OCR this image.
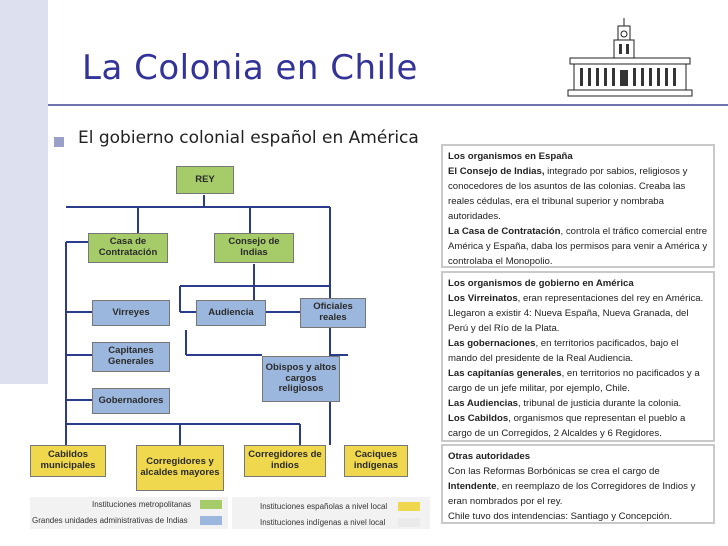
La Colonia en Chile
El gobierno colonial español en América
REY
Casa de Contratación
Consejo de Indias
Virreyes	Audiencia	Oficiales reales
Capitanes Generales
Obispos y altos cargos religiosos
Gobernadores
Cabildos municipales	Corregidores y alcaldes mayores
Corregidores de indios
Caciques indígenas
Instituciones metropolitanas
Grandes unidades administrativas de Indias
Instituciones españolas a nivel local
Instituciones indígenas a nivel local
Los organismos en España
El Consejo de Indias, integrado por sabios, religiosos y conocedores de los asuntos de las colonias. Creaba las reales cédulas, era el tribunal superior y nombraba autoridades.
La Casa de Contratación, controla el tráfico comercial entre América y España, daba los permisos para venir a América y controlaba el Monopolio.
Los organismos de gobierno en América
Los Virreinatos, eran representaciones del rey en América. Llegaron a existir 4: Nueva España, Nueva Granada, del Perú y del Río de la Plata.
Las gobernaciones, en territorios pacificados, bajo el mando del presidente de la Real Audiencia.
Las capitanías generales, en territorios no pacificados y a cargo de un jefe militar, por ejemplo, Chile.
Las Audiencias, tribunal de justicia durante la colonia.
Los Cabildos, organismos que representan el pueblo a cargo de un Corregidos, 2 Alcaldes y 6 Regidores.
Otras autoridades
Con las Reformas Borbónicas se crea el cargo de Intendente, en reemplazo de los Corregidores de Indios y eran nombrados por el rey.
Chile tuvo dos intendencias: Santiago y Concepción.
